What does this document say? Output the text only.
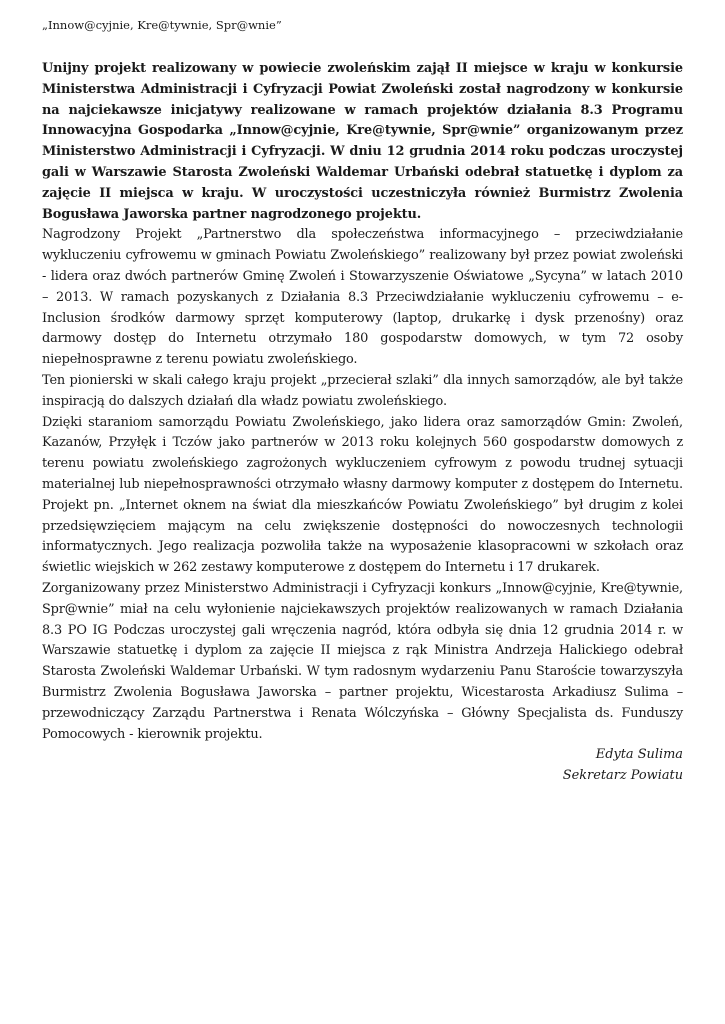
„Innow@cyjnie, Kre@tywnie, Spr@wnie”

Unijny projekt realizowany w powiecie zwoleńskim zajął II miejsce w kraju w konkursie Ministerstwa Administracji i Cyfryzacji Powiat Zwoleński został nagrodzony w konkursie na najciekawsze inicjatywy realizowane w ramach projektów działania 8.3 Programu Innowacyjna Gospodarka „Innow@cyjnie, Kre@tywnie, Spr@wnie” organizowanym przez Ministerstwo Administracji i Cyfryzacji. W dniu 12 grudnia 2014 roku podczas uroczystej gali w Warszawie Starosta Zwoleński Waldemar Urbański odebrał statuetkę i dyplom za zajęcie II miejsca w kraju. W uroczystości uczestniczyła również Burmistrz Zwolenia Bogusława Jaworska partner nagrodzonego projektu.

Nagrodzony Projekt „Partnerstwo dla społeczeństwa informacyjnego – przeciwdziałanie wykluczeniu cyfrowemu w gminach Powiatu Zwoleńskiego” realizowany był przez powiat zwoleński - lidera oraz dwóch partnerów Gminę Zwoleń i Stowarzyszenie Oświatowe „Sycyna” w latach 2010 – 2013. W ramach pozyskanych z Działania 8.3 Przeciwdziałanie wykluczeniu cyfrowemu – e-Inclusion środków darmowy sprzęt komputerowy (laptop, drukarkę i dysk przenośny) oraz darmowy dostęp do Internetu otrzymało 180 gospodarstw domowych, w tym 72 osoby niepełnosprawne z terenu powiatu zwoleńskiego.

Ten pionierski w skali całego kraju projekt „przecierał szlaki” dla innych samorządów, ale był także inspiracją do dalszych działań dla władz powiatu zwoleńskiego.

Dzięki staraniom samorządu Powiatu Zwoleńskiego, jako lidera oraz samorządów Gmin: Zwoleń, Kazanów, Przyłęk i Tczów jako partnerów w 2013 roku kolejnych 560 gospodarstw domowych z terenu powiatu zwoleńskiego zagrożonych wykluczeniem cyfrowym z powodu trudnej sytuacji materialnej lub niepełnosprawności otrzymało własny darmowy komputer z dostępem do Internetu. Projekt pn. „Internet oknem na świat dla mieszkańców Powiatu Zwoleńskiego” był drugim z kolei przedsięwzięciem mającym na celu zwiększenie dostępności do nowoczesnych technologii informatycznych. Jego realizacja pozwoliła także na wyposażenie klasopracowni w szkołach oraz świetlic wiejskich w 262 zestawy komputerowe z dostępem do Internetu i 17 drukarek.

Zorganizowany przez Ministerstwo Administracji i Cyfryzacji konkurs „Innow@cyjnie, Kre@tywnie, Spr@wnie” miał na celu wyłonienie najciekawszych projektów realizowanych w ramach Działania 8.3 PO IG Podczas uroczystej gali wręczenia nagród, która odbyła się dnia 12 grudnia 2014 r. w Warszawie statuetkę i dyplom za zajęcie II miejsca z rąk Ministra Andrzeja Halickiego odebrał Starosta Zwoleński Waldemar Urbański. W tym radosnym wydarzeniu Panu Staroście towarzyszyła Burmistrz Zwolenia Bogusława Jaworska – partner projektu, Wicestarosta Arkadiusz Sulima – przewodniczący Zarządu Partnerstwa i Renata Wólczyńska – Główny Specjalista ds. Funduszy Pomocowych - kierownik projektu.

Edyta Sulima

Sekretarz Powiatu
